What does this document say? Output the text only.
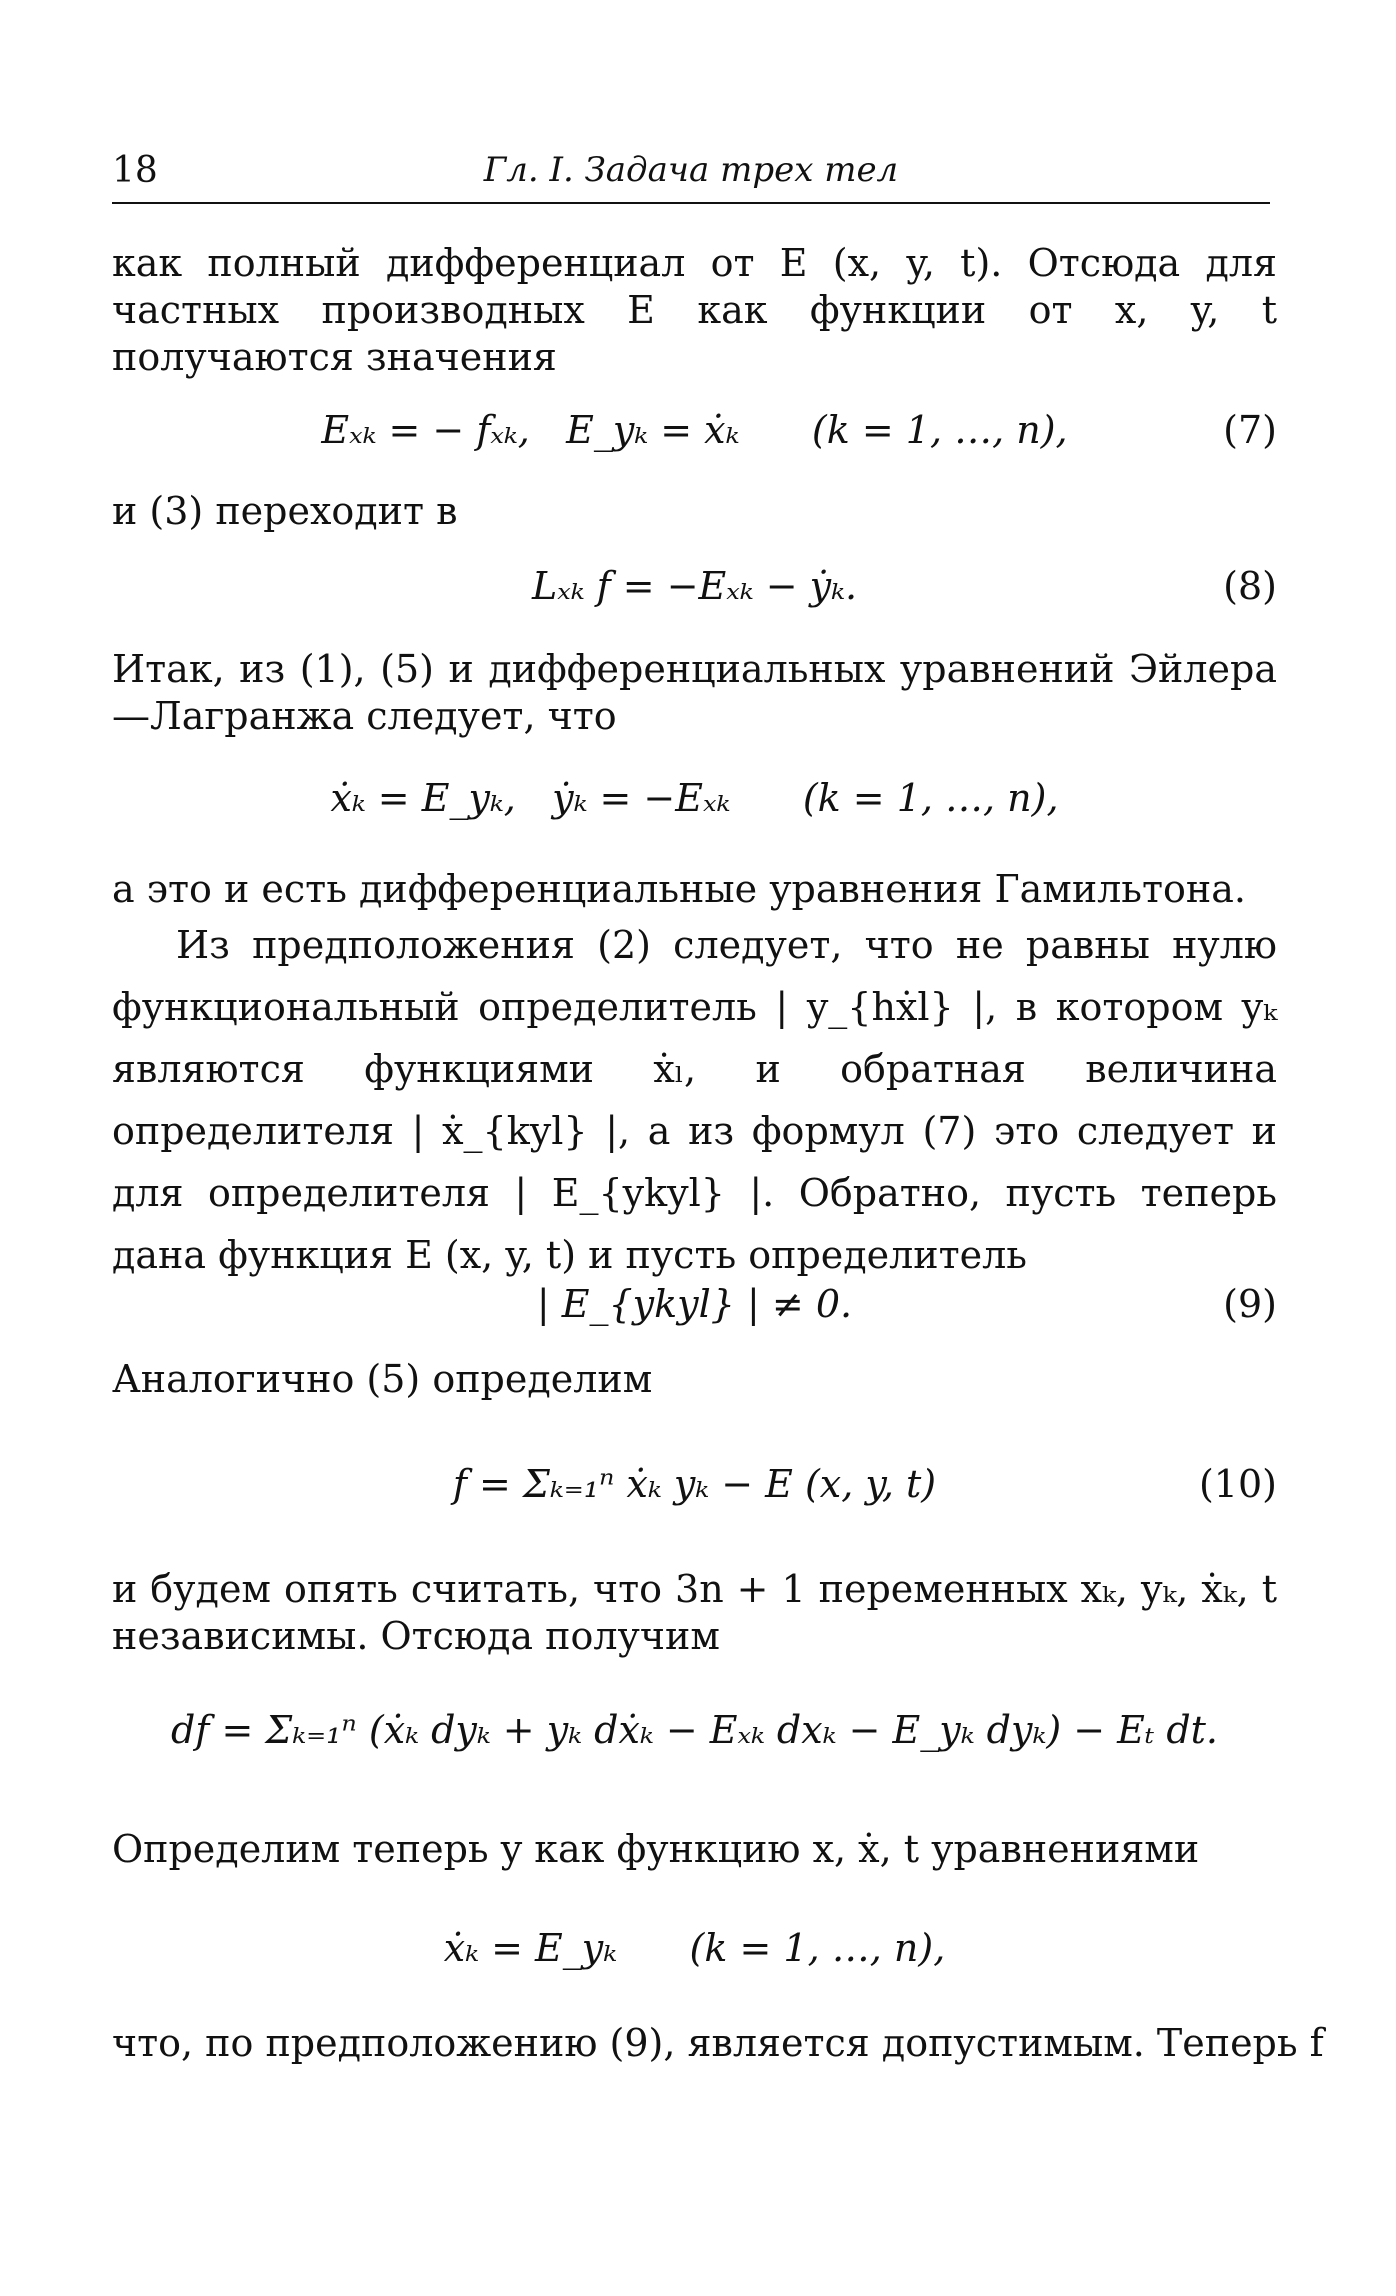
18	Гл. I. Задача трех тел
как полный дифференциал от E (x, y, t). Отсюда для частных производных E как функции от x, y, t получаются значения
Eₓₖ = − fₓₖ,   E_yₖ = ẋₖ      (k = 1, …, n),	(7)
и (3) переходит в
Lₓₖ f = −Eₓₖ − ẏₖ.	(8)
Итак, из (1), (5) и дифференциальных уравнений Эйлера—Лагранжа следует, что
ẋₖ = E_yₖ,   ẏₖ = −Eₓₖ      (k = 1, …, n),
а это и есть дифференциальные уравнения Гамильтона.
Из предположения (2) следует, что не равны нулю функциональный определитель | y_{hẋl} |, в котором yₖ являются функциями ẋₗ, и обратная величина определителя | ẋ_{kyl} |, а из формул (7) это следует и для определителя | E_{ykyl} |. Обратно, пусть теперь дана функция E (x, y, t) и пусть определитель
| E_{ykyl} | ≠ 0.	(9)
Аналогично (5) определим
f = Σₖ₌₁ⁿ ẋₖ yₖ − E (x, y, t)	(10)
и будем опять считать, что 3n + 1 переменных xₖ, yₖ, ẋₖ, t независимы. Отсюда получим
df = Σₖ₌₁ⁿ (ẋₖ dyₖ + yₖ dẋₖ − Eₓₖ dxₖ − E_yₖ dyₖ) − Eₜ dt.
Определим теперь y как функцию x, ẋ, t уравнениями
ẋₖ = E_yₖ      (k = 1, …, n),
что, по предположению (9), является допустимым. Теперь f
